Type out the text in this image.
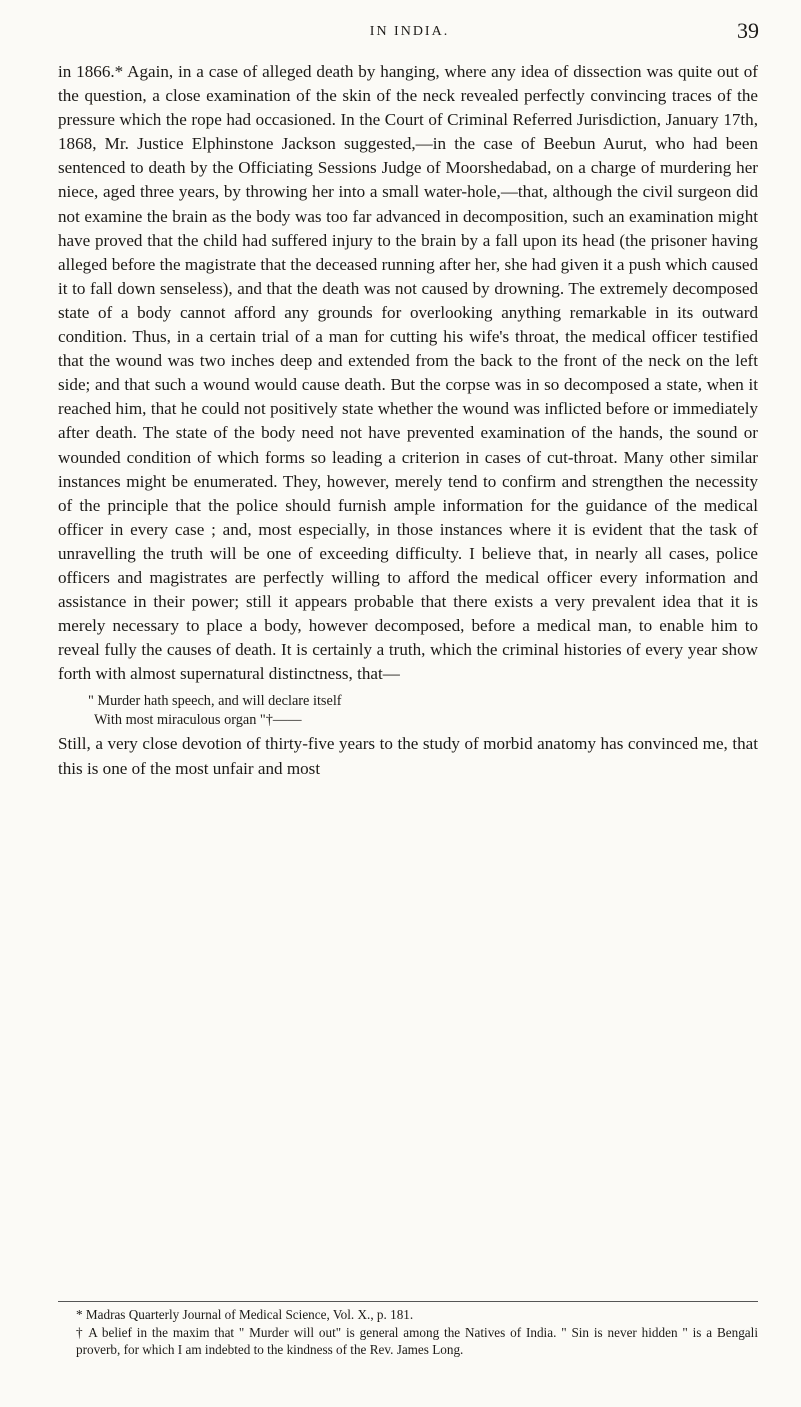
IN INDIA.	39

in 1866.* Again, in a case of alleged death by hanging, where any idea of dissection was quite out of the question, a close examination of the skin of the neck revealed perfectly convincing traces of the pressure which the rope had occasioned. In the Court of Criminal Referred Jurisdiction, January 17th, 1868, Mr. Justice Elphinstone Jackson suggested,—in the case of Beebun Aurut, who had been sentenced to death by the Officiating Sessions Judge of Moorshedabad, on a charge of murdering her niece, aged three years, by throwing her into a small water-hole,—that, although the civil surgeon did not examine the brain as the body was too far advanced in decomposition, such an examination might have proved that the child had suffered injury to the brain by a fall upon its head (the prisoner having alleged before the magistrate that the deceased running after her, she had given it a push which caused it to fall down senseless), and that the death was not caused by drowning. The extremely decomposed state of a body cannot afford any grounds for overlooking anything remarkable in its outward condition. Thus, in a certain trial of a man for cutting his wife's throat, the medical officer testified that the wound was two inches deep and extended from the back to the front of the neck on the left side; and that such a wound would cause death. But the corpse was in so decomposed a state, when it reached him, that he could not positively state whether the wound was inflicted before or immediately after death. The state of the body need not have prevented examination of the hands, the sound or wounded condition of which forms so leading a criterion in cases of cut-throat. Many other similar instances might be enumerated. They, however, merely tend to confirm and strengthen the necessity of the principle that the police should furnish ample information for the guidance of the medical officer in every case ; and, most especially, in those instances where it is evident that the task of unravelling the truth will be one of exceeding difficulty. I believe that, in nearly all cases, police officers and magistrates are perfectly willing to afford the medical officer every information and assistance in their power; still it appears probable that there exists a very prevalent idea that it is merely necessary to place a body, however decomposed, before a medical man, to enable him to reveal fully the causes of death. It is certainly a truth, which the criminal histories of every year show forth with almost supernatural distinctness, that—

" Murder hath speech, and will declare itself
With most miraculous organ "†——

Still, a very close devotion of thirty-five years to the study of morbid anatomy has convinced me, that this is one of the most unfair and most

* Madras Quarterly Journal of Medical Science, Vol. X., p. 181.

† A belief in the maxim that " Murder will out" is general among the Natives of India. " Sin is never hidden " is a Bengali proverb, for which I am indebted to the kindness of the Rev. James Long.
